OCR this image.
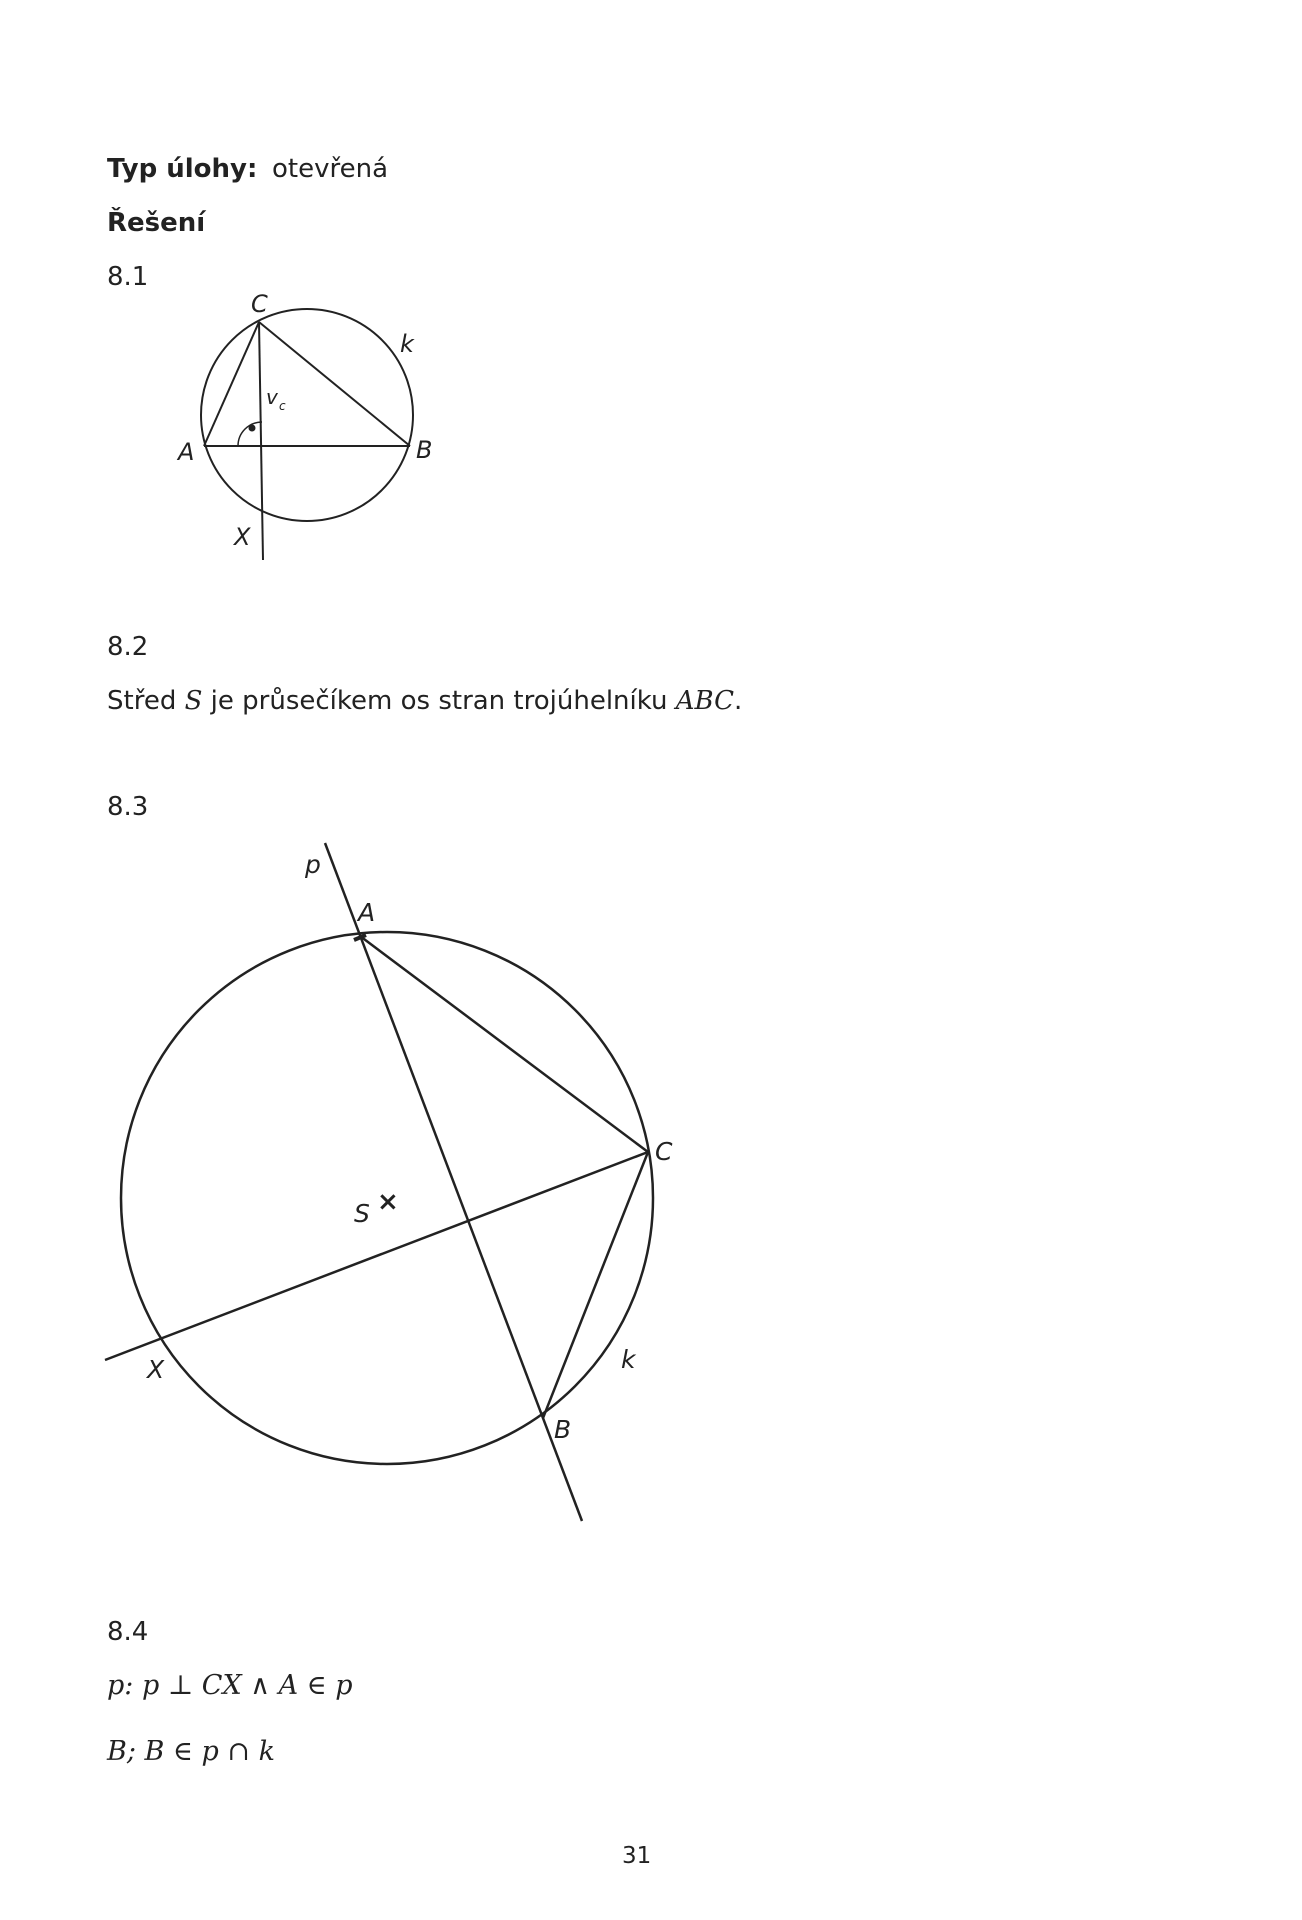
Typ úlohy: otevřená
Řešení
8.1
C
k
v c
A	B
X
p
A
C
S ×
k
X
B
8.2
Střed S je průsečíkem os stran trojúhelníku ABC.
8.3
8.4
p: p ⊥ CX ∧ A ∈ p
B; B ∈ p ∩ k
31
